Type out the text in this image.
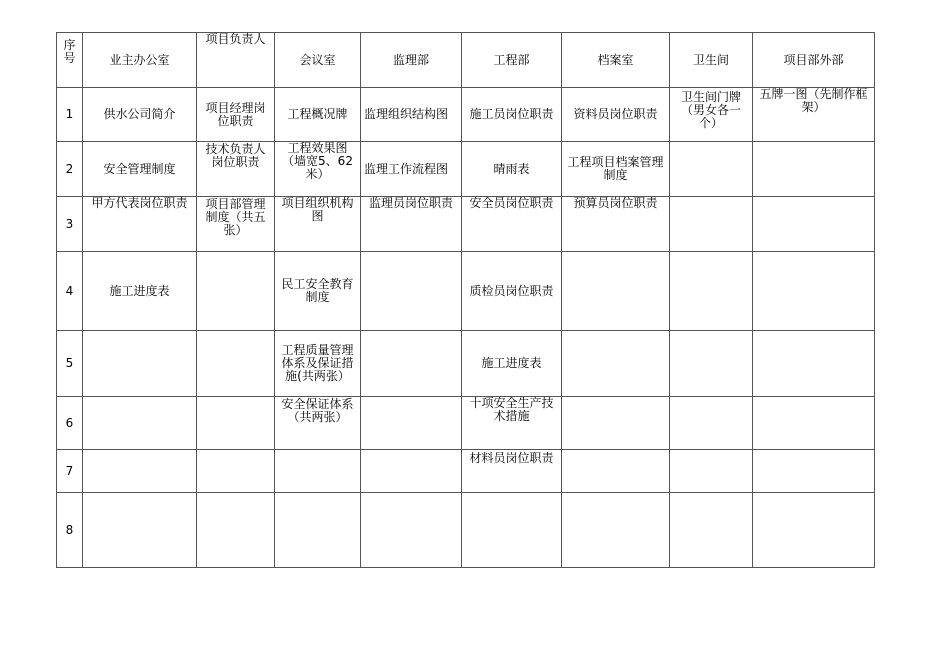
序号	业主办公室	项目负责人	会议室	监理部	工程部	档案室	卫生间	项目部外部
1	供水公司简介	项目经理岗位职责	工程概况牌	监理组织结构图	施工员岗位职责	资料员岗位职责	卫生间门牌（男女各一个）	五牌一图（先制作框架）
2	安全管理制度	技术负责人岗位职责	工程效果图（墙宽5、62米）	监理工作流程图	晴雨表	工程项目档案管理制度		
3	甲方代表岗位职责	项目部管理制度（共五张）	项目组织机构图	监理员岗位职责	安全员岗位职责	预算员岗位职责		
4	施工进度表		民工安全教育制度		质检员岗位职责			
5			工程质量管理体系及保证措施(共两张）		施工进度表			
6			安全保证体系（共两张）		十项安全生产技术措施			
7					材料员岗位职责			
8								
